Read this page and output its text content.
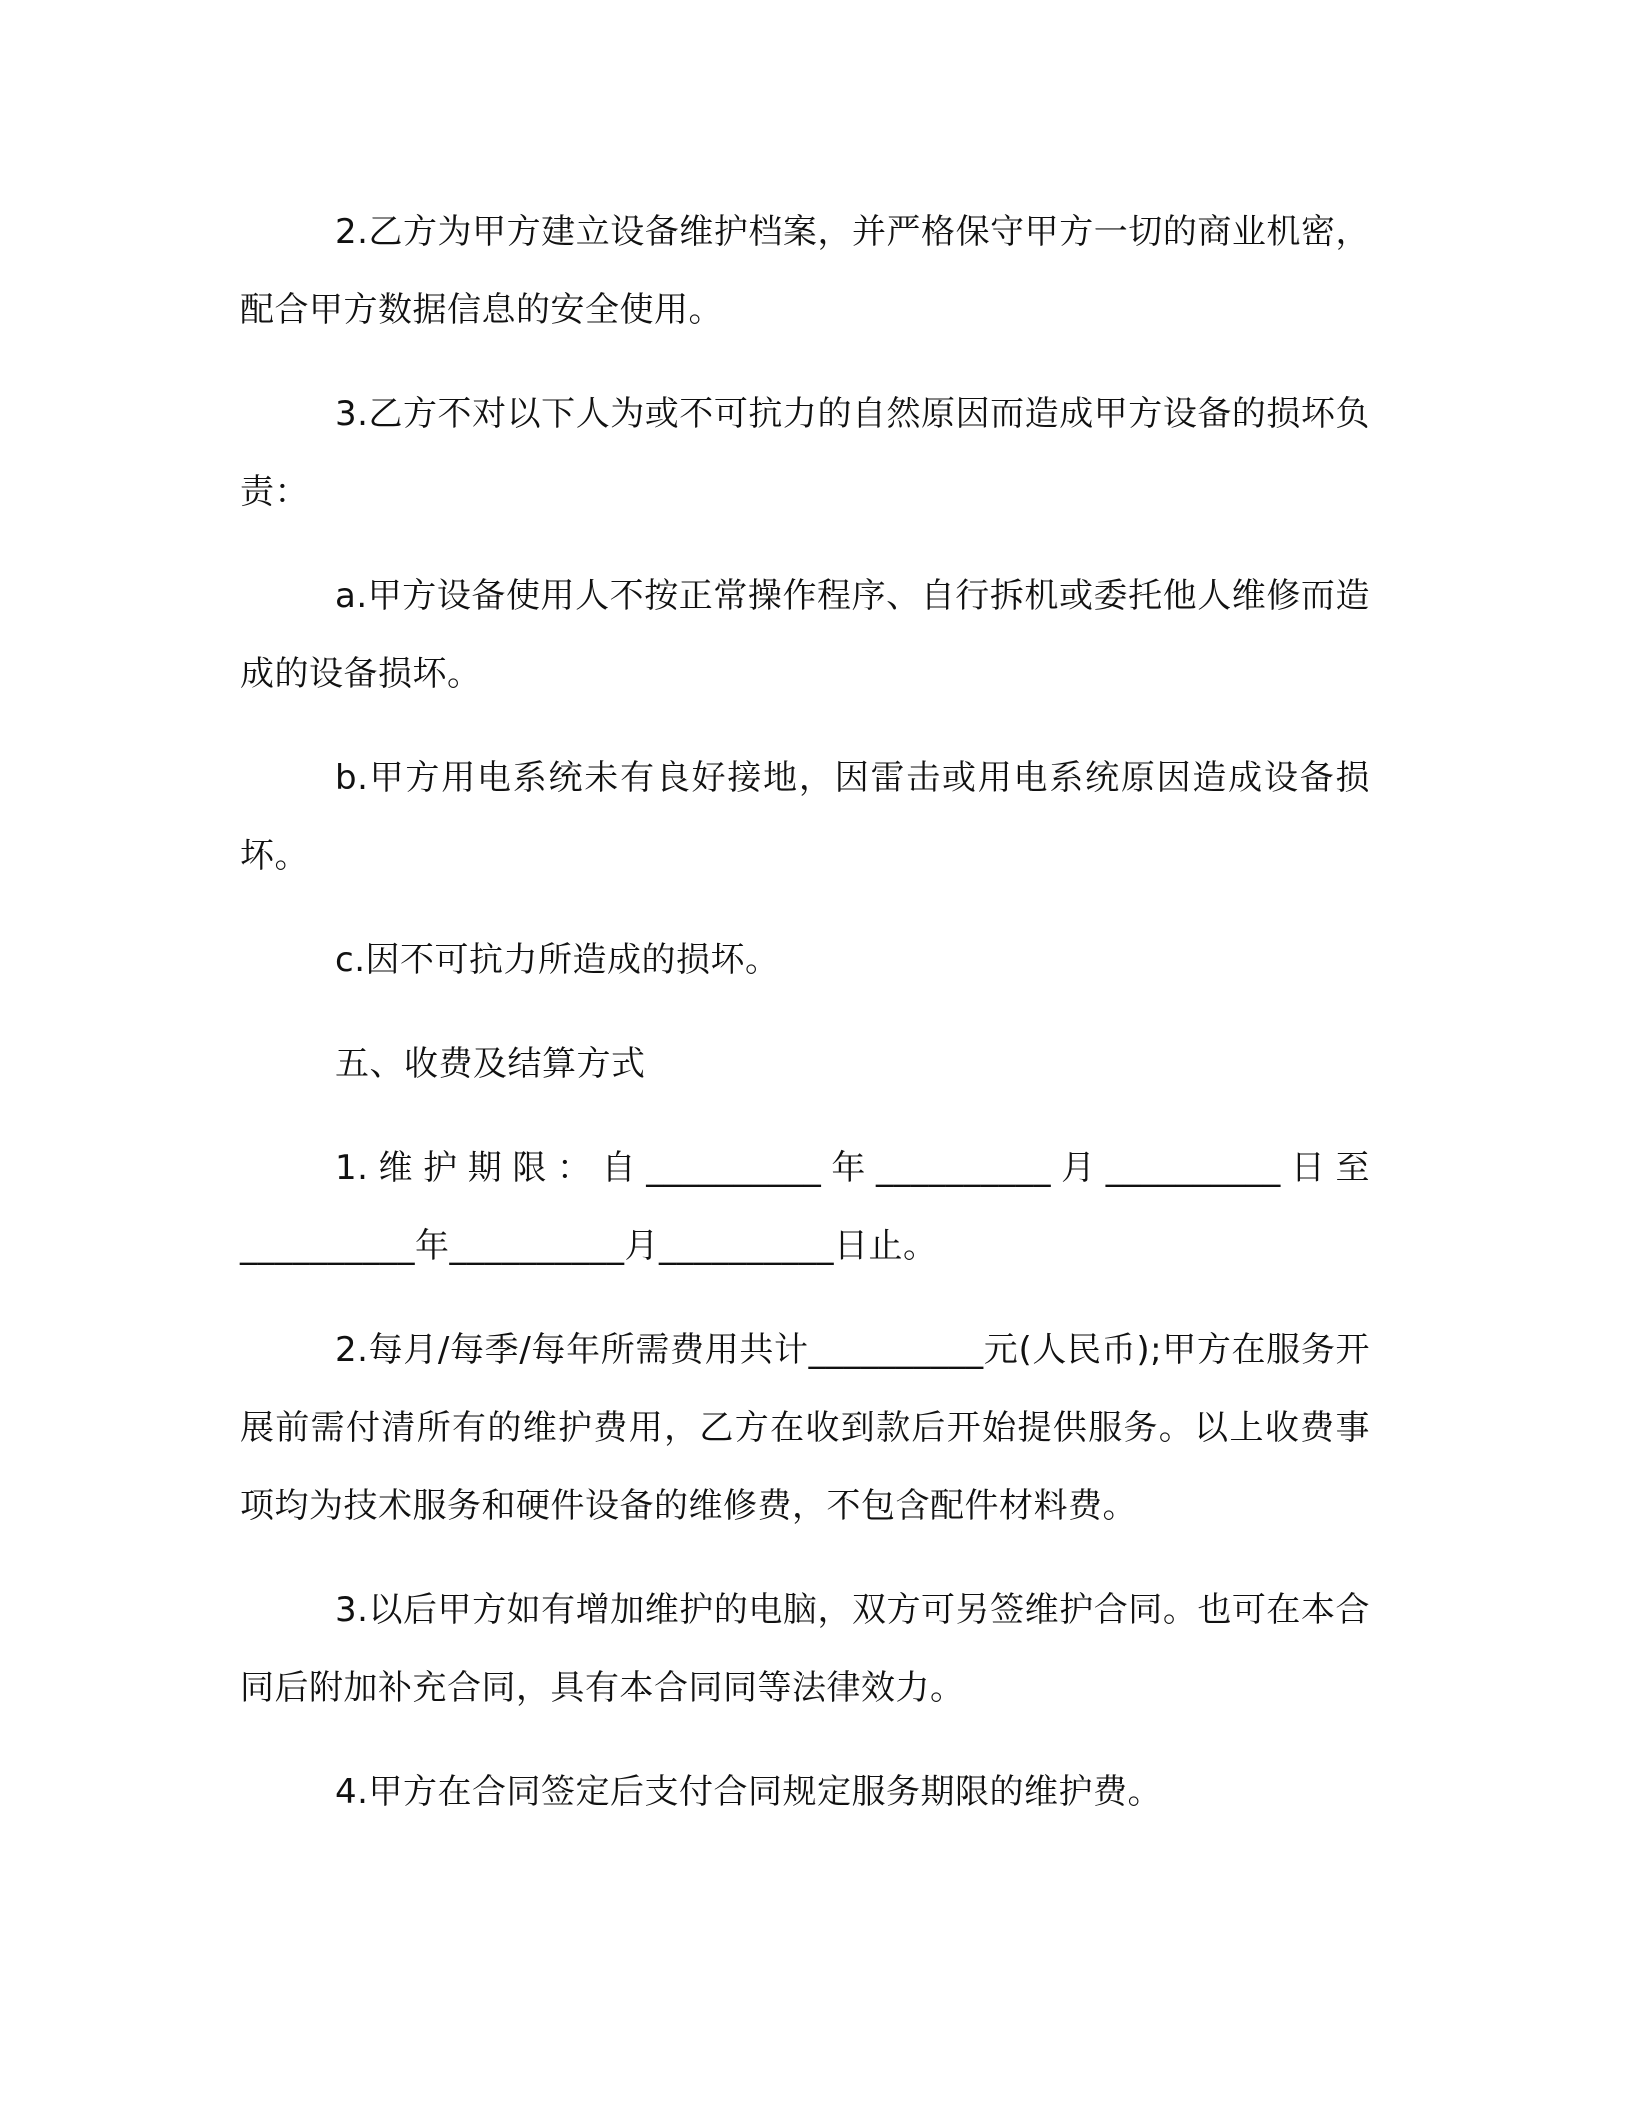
2.乙方为甲方建立设备维护档案，并严格保守甲方一切的商业机密，配合甲方数据信息的安全使用。

3.乙方不对以下人为或不可抗力的自然原因而造成甲方设备的损坏负责：

a.甲方设备使用人不按正常操作程序、自行拆机或委托他人维修而造成的设备损坏。

b.甲方用电系统未有良好接地，因雷击或用电系统原因造成设备损坏。

c.因不可抗力所造成的损坏。

五、收费及结算方式

1.维护期限：自__________年__________月__________日至__________年__________月__________日止。

2.每月/每季/每年所需费用共计__________元(人民币);甲方在服务开展前需付清所有的维护费用，乙方在收到款后开始提供服务。以上收费事项均为技术服务和硬件设备的维修费，不包含配件材料费。

3.以后甲方如有增加维护的电脑，双方可另签维护合同。也可在本合同后附加补充合同，具有本合同同等法律效力。

4.甲方在合同签定后支付合同规定服务期限的维护费。
